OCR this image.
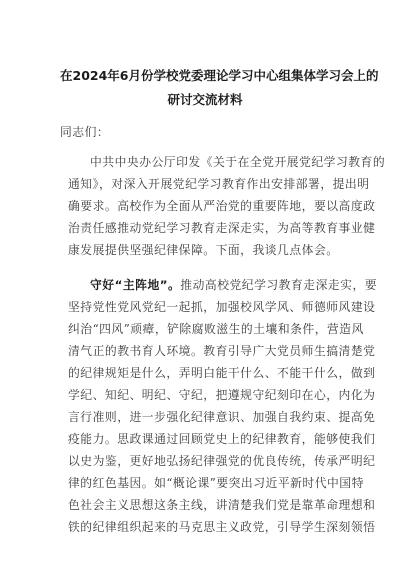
在2024年6月份学校党委理论学习中心组集体学习会上的
研讨交流材料
同志们：
中共中央办公厅印发《关于在全党开展党纪学习教育的
通知》，对深入开展党纪学习教育作出安排部署，提出明
确要求。高校作为全面从严治党的重要阵地，要以高度政
治责任感推动党纪学习教育走深走实，为高等教育事业健
康发展提供坚强纪律保障。下面，我谈几点体会。
守好“主阵地”。推动高校党纪学习教育走深走实，要
坚持党性党风党纪一起抓，加强校风学风、师德师风建设
纠治“四风”顽瘴，铲除腐败滋生的土壤和条件，营造风
清气正的教书育人环境。教育引导广大党员师生搞清楚党
的纪律规矩是什么，弄明白能干什么、不能干什么，做到
学纪、知纪、明纪、守纪，把遵规守纪刻印在心，内化为
言行准则，进一步强化纪律意识、加强自我约束、提高免
疫能力。思政课通过回顾党史上的纪律教育，能够使我们
以史为鉴，更好地弘扬纪律强党的优良传统，传承严明纪
律的红色基因。如“概论课”要突出习近平新时代中国特
色社会主义思想这条主线，讲清楚我们党是靠革命理想和
铁的纪律组织起来的马克思主义政党，引导学生深刻领悟
